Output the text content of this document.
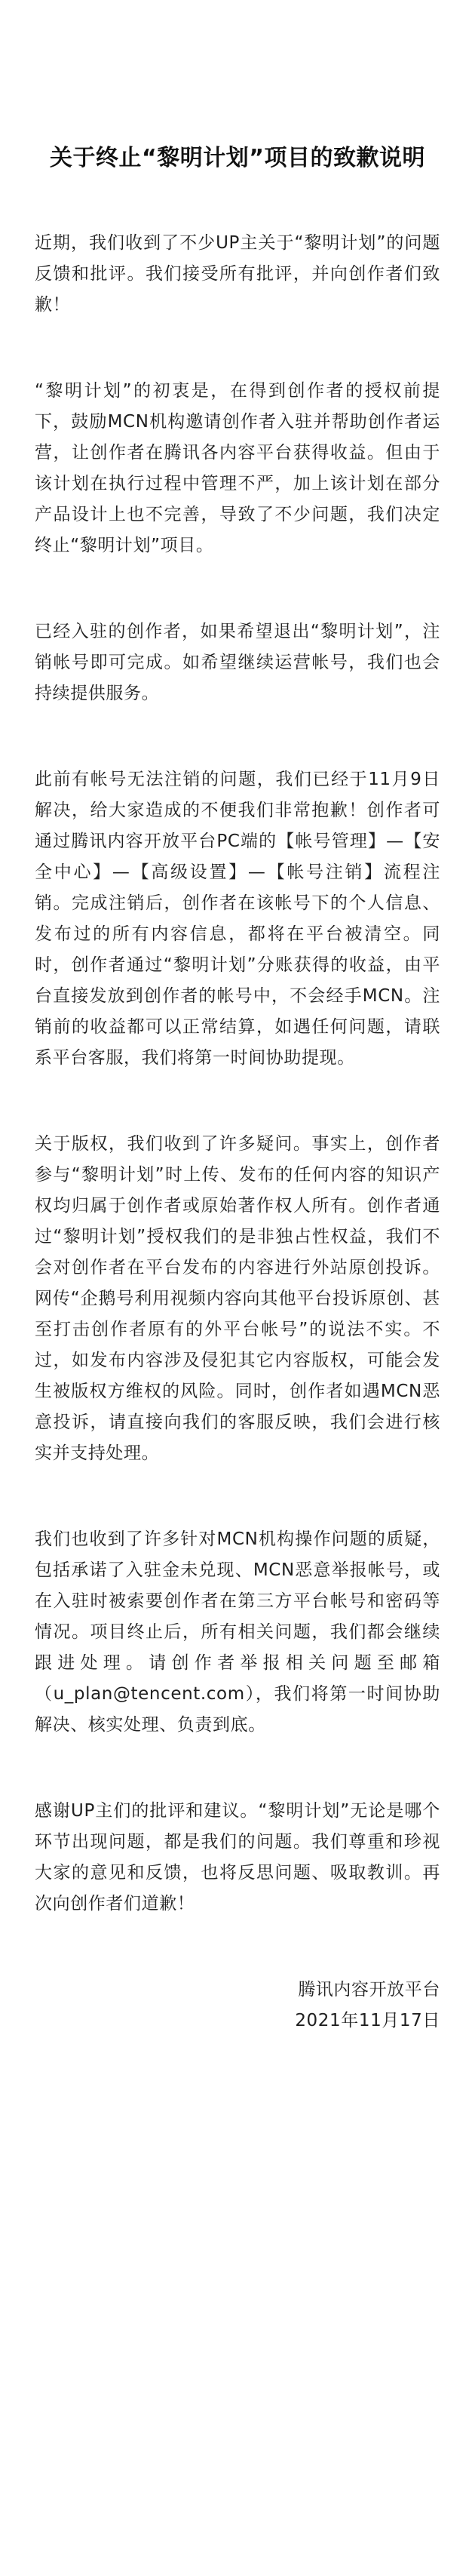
关于终止“黎明计划”项目的致歉说明

近期，我们收到了不少UP主关于“黎明计划”的问题反馈和批评。我们接受所有批评，并向创作者们致歉！

“黎明计划”的初衷是，在得到创作者的授权前提下，鼓励MCN机构邀请创作者入驻并帮助创作者运营，让创作者在腾讯各内容平台获得收益。但由于该计划在执行过程中管理不严，加上该计划在部分产品设计上也不完善，导致了不少问题，我们决定终止“黎明计划”项目。

已经入驻的创作者，如果希望退出“黎明计划”，注销帐号即可完成。如希望继续运营帐号，我们也会持续提供服务。

此前有帐号无法注销的问题，我们已经于11月9日解决，给大家造成的不便我们非常抱歉！创作者可通过腾讯内容开放平台PC端的【帐号管理】—【安全中心】—【高级设置】—【帐号注销】流程注销。完成注销后，创作者在该帐号下的个人信息、发布过的所有内容信息，都将在平台被清空。同时，创作者通过“黎明计划”分账获得的收益，由平台直接发放到创作者的帐号中，不会经手MCN。注销前的收益都可以正常结算，如遇任何问题，请联系平台客服，我们将第一时间协助提现。

关于版权，我们收到了许多疑问。事实上，创作者参与“黎明计划”时上传、发布的任何内容的知识产权均归属于创作者或原始著作权人所有。创作者通过“黎明计划”授权我们的是非独占性权益，我们不会对创作者在平台发布的内容进行外站原创投诉。网传“企鹅号利用视频内容向其他平台投诉原创、甚至打击创作者原有的外平台帐号”的说法不实。不过，如发布内容涉及侵犯其它内容版权，可能会发生被版权方维权的风险。同时，创作者如遇MCN恶意投诉，请直接向我们的客服反映，我们会进行核实并支持处理。

我们也收到了许多针对MCN机构操作问题的质疑，包括承诺了入驻金未兑现、MCN恶意举报帐号，或在入驻时被索要创作者在第三方平台帐号和密码等情况。项目终止后，所有相关问题，我们都会继续跟进处理。请创作者举报相关问题至邮箱（u_plan@tencent.com），我们将第一时间协助解决、核实处理、负责到底。

感谢UP主们的批评和建议。“黎明计划”无论是哪个环节出现问题，都是我们的问题。我们尊重和珍视大家的意见和反馈，也将反思问题、吸取教训。再次向创作者们道歉！

腾讯内容开放平台
2021年11月17日
